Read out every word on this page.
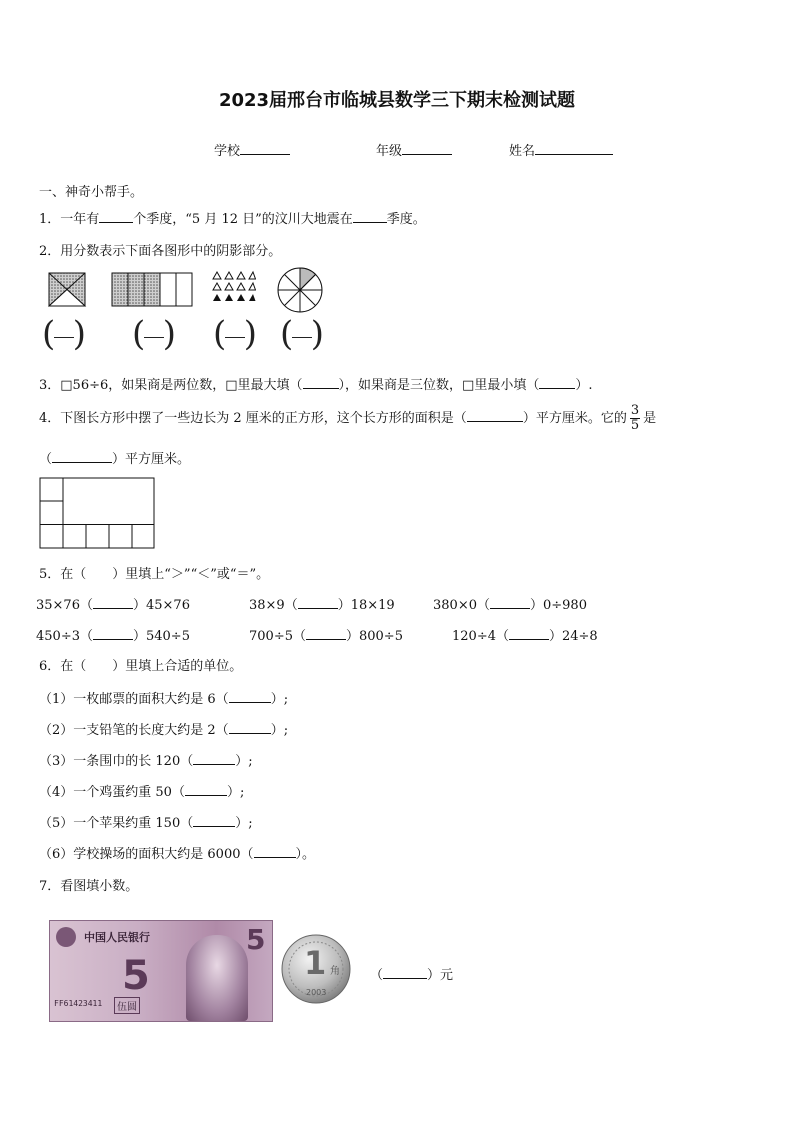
2023届邢台市临城县数学三下期末检测试题
学校	年级	姓名
一、神奇小帮手。
1．一年有	个季度，“5 月 12 日”的汶川大地震在	季度。
2．用分数表示下面各图形中的阴影部分。
( ) ( ) ( ) ( )
3．□56÷6，如果商是两位数，□里最大填（	），如果商是三位数，□里最小填（	）.
4．下图长方形中摆了一些边长为 2 厘米的正方形，这个长方形的面积是（	）平方厘米。它的 $\frac{3}{5}$ 是
（	）平方厘米。
5．在（　　）里填上“＞”“＜”或“＝”。
35×76（	）45×76	38×9（	）18×19	380×0（	）0÷980
450÷3（	）540÷5	700÷5（	）800÷5	120÷4（	）24÷8
6．在（　　）里填上合适的单位。
（1）一枚邮票的面积大约是 6（	）;
（2）一支铅笔的长度大约是 2（	）;
（3）一条围巾的长 120（	）;
（4）一个鸡蛋约重 50（	）;
（5）一个苹果约重 150（	）;
（6）学校操场的面积大约是 6000（	）。
7．看图填小数。
中国人民银行
5
5
伍圆
FF61423411
1 角
2003
（	）元
